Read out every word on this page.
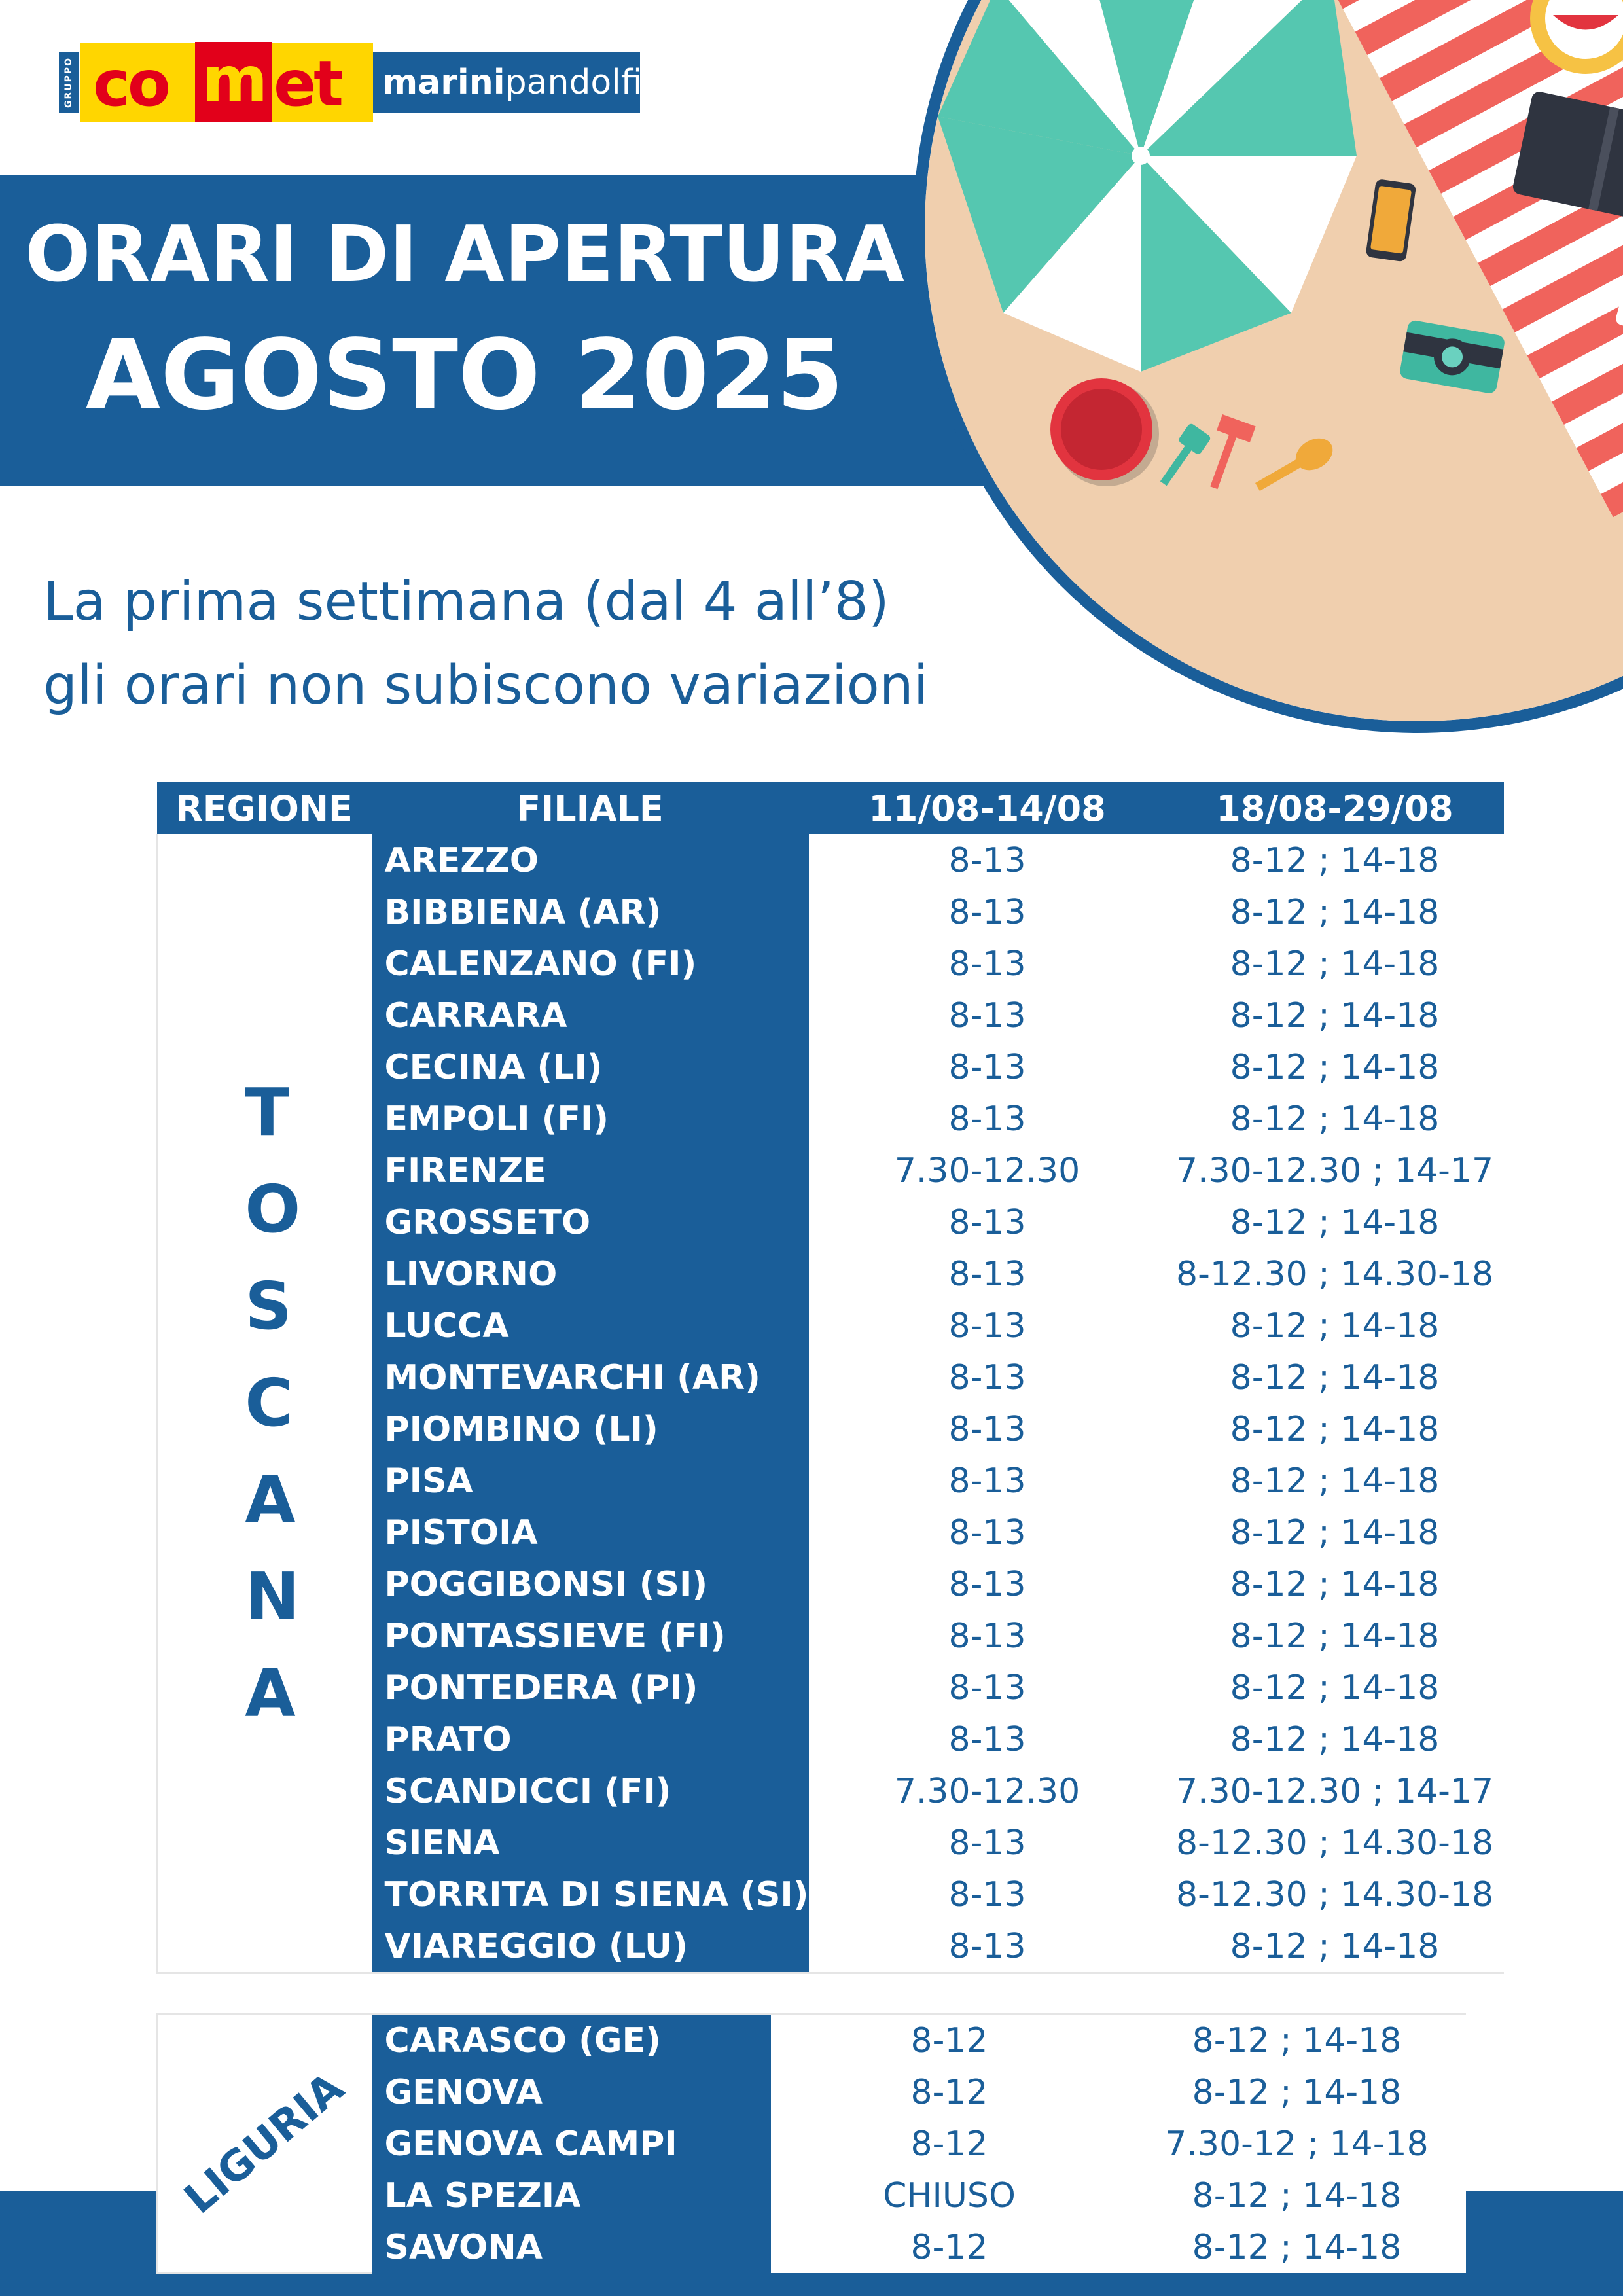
GRUPPO co m et marinipandolfi
ORARI DI APERTURA
AGOSTO 2025
La prima settimana (dal 4 all’8)
gli orari non subiscono variazioni
REGIONE	FILIALE	11/08-14/08	18/08-29/08
TOSCANA	AREZZO	8-13	8-12 ; 14-18
	BIBBIENA (AR)	8-13	8-12 ; 14-18
	CALENZANO (FI)	8-13	8-12 ; 14-18
	CARRARA	8-13	8-12 ; 14-18
	CECINA (LI)	8-13	8-12 ; 14-18
	EMPOLI (FI)	8-13	8-12 ; 14-18
	FIRENZE	7.30-12.30	7.30-12.30 ; 14-17
	GROSSETO	8-13	8-12 ; 14-18
	LIVORNO	8-13	8-12.30 ; 14.30-18
	LUCCA	8-13	8-12 ; 14-18
	MONTEVARCHI (AR)	8-13	8-12 ; 14-18
	PIOMBINO (LI)	8-13	8-12 ; 14-18
	PISA	8-13	8-12 ; 14-18
	PISTOIA	8-13	8-12 ; 14-18
	POGGIBONSI (SI)	8-13	8-12 ; 14-18
	PONTASSIEVE (FI)	8-13	8-12 ; 14-18
	PONTEDERA (PI)	8-13	8-12 ; 14-18
	PRATO	8-13	8-12 ; 14-18
	SCANDICCI (FI)	7.30-12.30	7.30-12.30 ; 14-17
	SIENA	8-13	8-12.30 ; 14.30-18
	TORRITA DI SIENA (SI)	8-13	8-12.30 ; 14.30-18
	VIAREGGIO (LU)	8-13	8-12 ; 14-18
LIGURIA	CARASCO (GE)	8-12	8-12 ; 14-18
	GENOVA	8-12	8-12 ; 14-18
	GENOVA CAMPI	8-12	7.30-12 ; 14-18
	LA SPEZIA	CHIUSO	8-12 ; 14-18
	SAVONA	8-12	8-12 ; 14-18
